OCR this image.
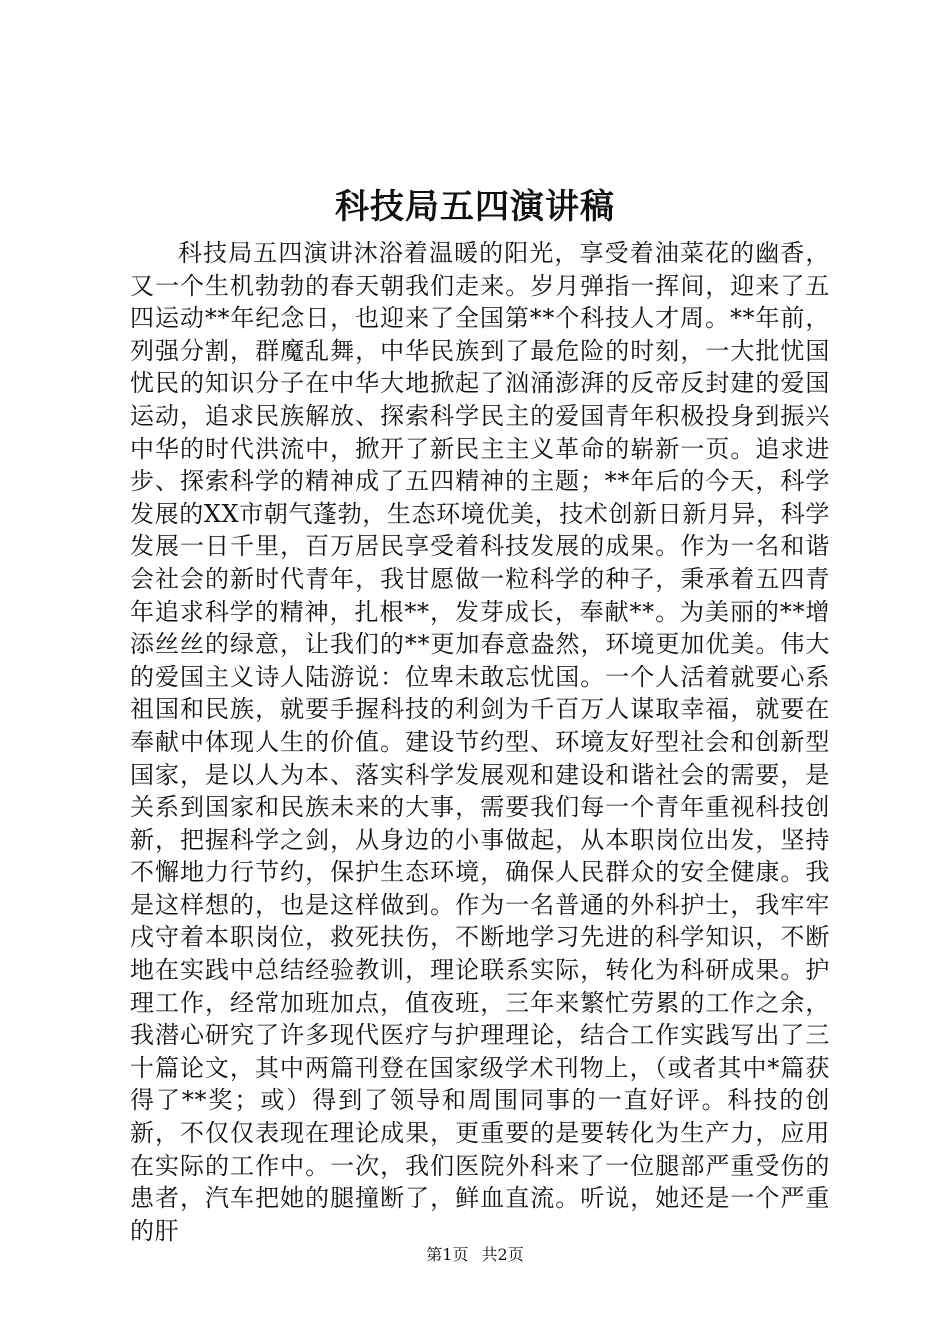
科技局五四演讲稿

科技局五四演讲沐浴着温暖的阳光，享受着油菜花的幽香，又一个生机勃勃的春天朝我们走来。岁月弹指一挥间，迎来了五四运动**年纪念日，也迎来了全国第**个科技人才周。**年前，列强分割，群魔乱舞，中华民族到了最危险的时刻，一大批忧国忧民的知识分子在中华大地掀起了汹涌澎湃的反帝反封建的爱国运动，追求民族解放、探索科学民主的爱国青年积极投身到振兴中华的时代洪流中，掀开了新民主主义革命的崭新一页。追求进步、探索科学的精神成了五四精神的主题；**年后的今天，科学发展的XX市朝气蓬勃，生态环境优美，技术创新日新月异，科学发展一日千里，百万居民享受着科技发展的成果。作为一名和谐会社会的新时代青年，我甘愿做一粒科学的种子，秉承着五四青年追求科学的精神，扎根**，发芽成长，奉献**。为美丽的**增添丝丝的绿意，让我们的**更加春意盎然，环境更加优美。伟大的爱国主义诗人陆游说：位卑未敢忘忧国。一个人活着就要心系祖国和民族，就要手握科技的利剑为千百万人谋取幸福，就要在奉献中体现人生的价值。建设节约型、环境友好型社会和创新型国家，是以人为本、落实科学发展观和建设和谐社会的需要，是关系到国家和民族未来的大事，需要我们每一个青年重视科技创新，把握科学之剑，从身边的小事做起，从本职岗位出发，坚持不懈地力行节约，保护生态环境，确保人民群众的安全健康。我是这样想的，也是这样做到。作为一名普通的外科护士，我牢牢戌守着本职岗位，救死扶伤，不断地学习先进的科学知识，不断地在实践中总结经验教训，理论联系实际，转化为科研成果。护理工作，经常加班加点，值夜班，三年来繁忙劳累的工作之余，我潜心研究了许多现代医疗与护理理论，结合工作实践写出了三十篇论文，其中两篇刊登在国家级学术刊物上，（或者其中*篇获得了**奖；或）得到了领导和周围同事的一直好评。科技的创新，不仅仅表现在理论成果，更重要的是要转化为生产力，应用在实际的工作中。一次，我们医院外科来了一位腿部严重受伤的患者，汽车把她的腿撞断了，鲜血直流。听说，她还是一个严重的肝

第1页 共2页
